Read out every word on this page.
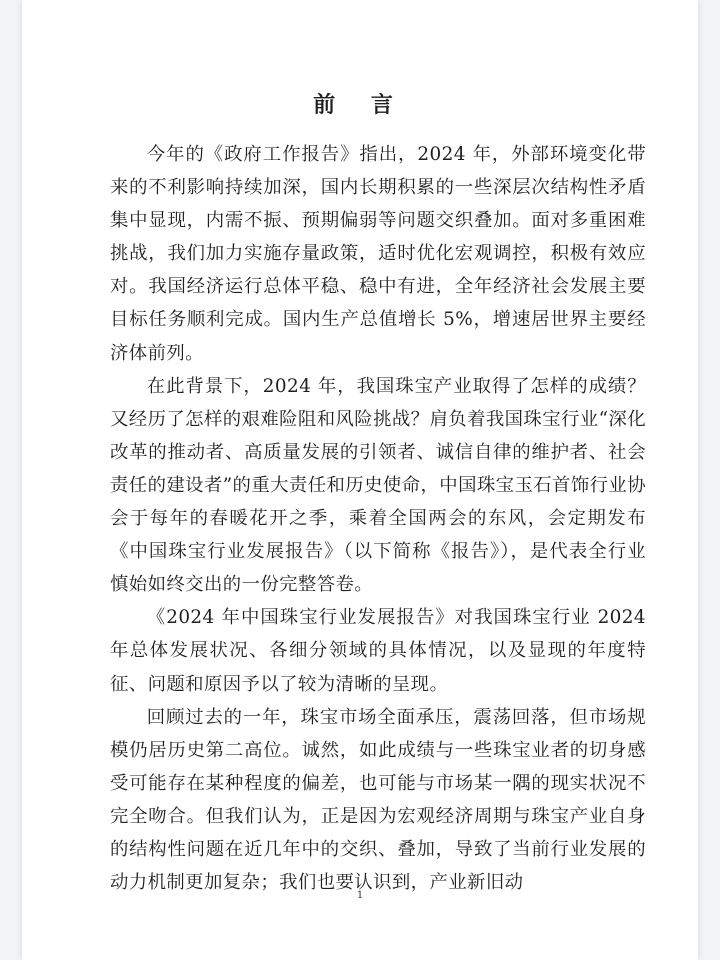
前 言

今年的《政府工作报告》指出，2024 年，外部环境变化带来的不利影响持续加深，国内长期积累的一些深层次结构性矛盾集中显现，内需不振、预期偏弱等问题交织叠加。面对多重困难挑战，我们加力实施存量政策，适时优化宏观调控，积极有效应对。我国经济运行总体平稳、稳中有进，全年经济社会发展主要目标任务顺利完成。国内生产总值增长 5%，增速居世界主要经济体前列。

在此背景下，2024 年，我国珠宝产业取得了怎样的成绩？又经历了怎样的艰难险阻和风险挑战？肩负着我国珠宝行业“深化改革的推动者、高质量发展的引领者、诚信自律的维护者、社会责任的建设者”的重大责任和历史使命，中国珠宝玉石首饰行业协会于每年的春暖花开之季，乘着全国两会的东风，会定期发布《中国珠宝行业发展报告》（以下简称《报告》），是代表全行业慎始如终交出的一份完整答卷。

《2024 年中国珠宝行业发展报告》对我国珠宝行业 2024 年总体发展状况、各细分领域的具体情况，以及显现的年度特征、问题和原因予以了较为清晰的呈现。

回顾过去的一年，珠宝市场全面承压，震荡回落，但市场规模仍居历史第二高位。诚然，如此成绩与一些珠宝业者的切身感受可能存在某种程度的偏差，也可能与市场某一隅的现实状况不完全吻合。但我们认为，正是因为宏观经济周期与珠宝产业自身的结构性问题在近几年中的交织、叠加，导致了当前行业发展的动力机制更加复杂；我们也要认识到，产业新旧动

1
